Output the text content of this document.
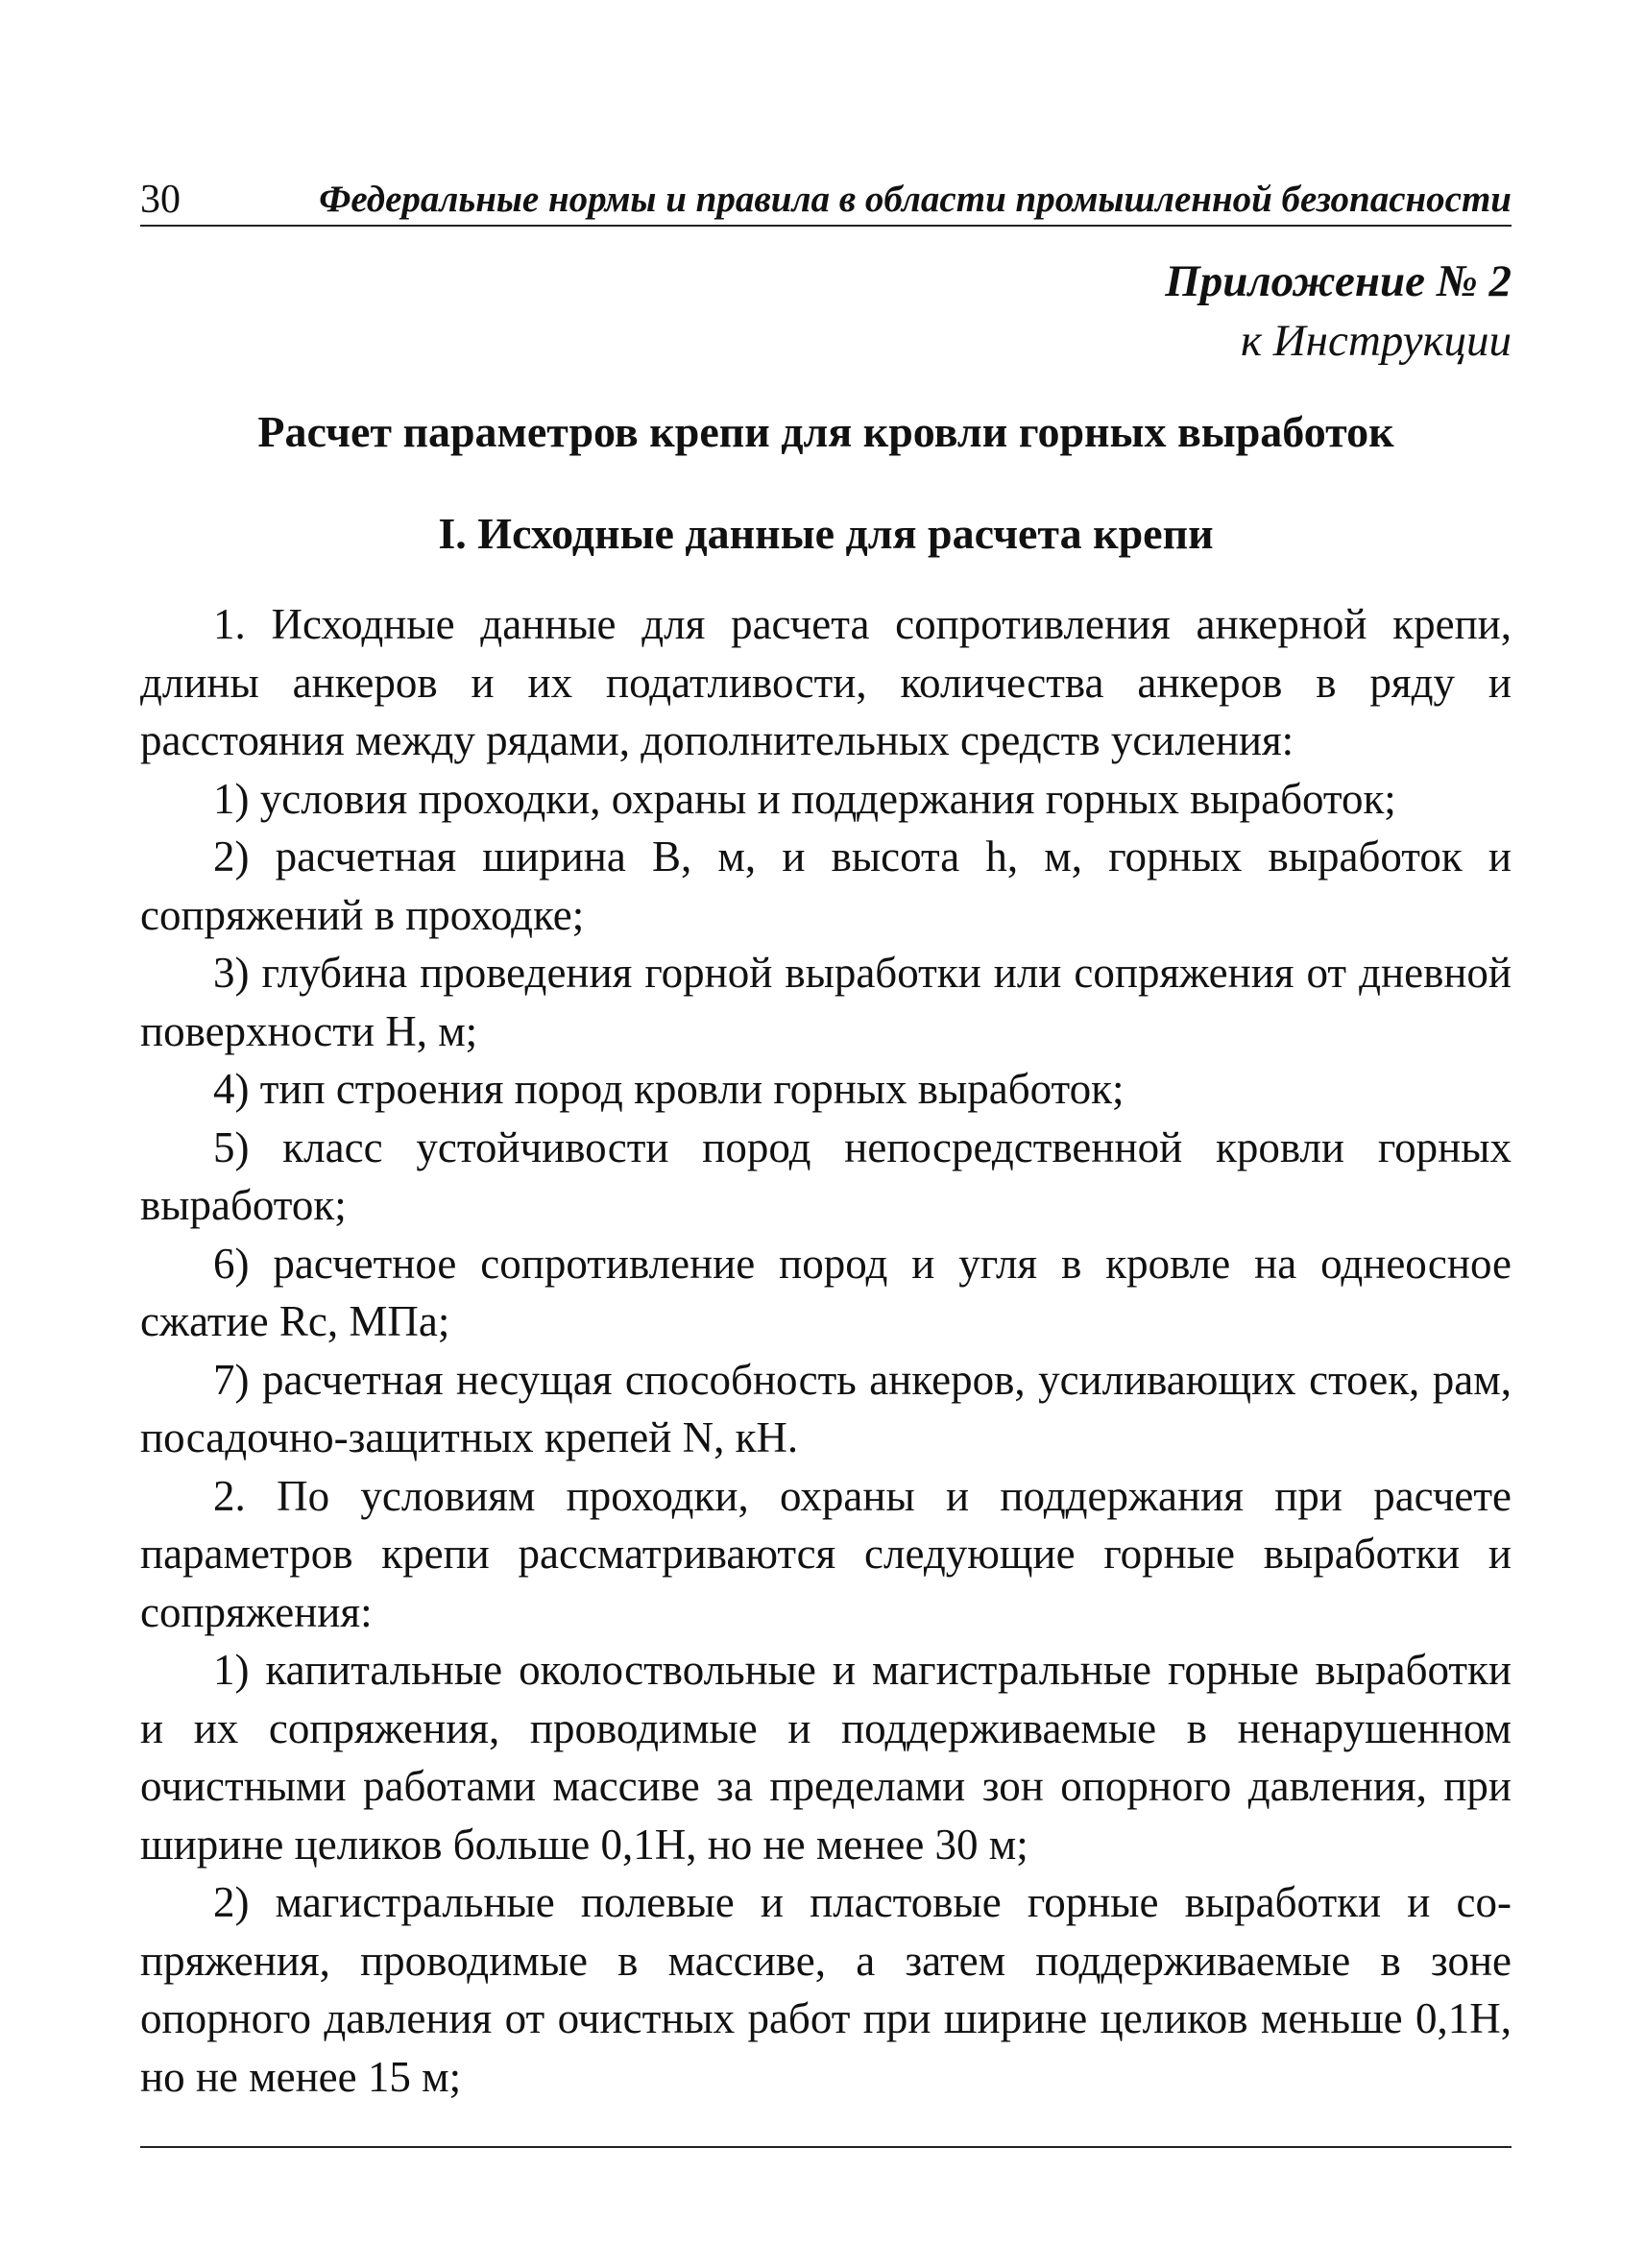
30	Федеральные нормы и правила в области промышленной безопасности
Приложение № 2
к Инструкции
Расчет параметров крепи для кровли горных выработок
I. Исходные данные для расчета крепи

1. Исходные данные для расчета сопротивления анкерной крепи, длины анкеров и их податливости, количества анкеров в ряду и расстояния между рядами, дополнительных средств усиления:

1) условия проходки, охраны и поддержания горных выработок;

2) расчетная ширина B, м, и высота h, м, горных выработок и сопряжений в проходке;

3) глубина проведения горной выработки или сопряжения от дневной поверхности H, м;

4) тип строения пород кровли горных выработок;

5) класс устойчивости пород непосредственной кровли горных выработок;

6) расчетное сопротивление пород и угля в кровле на однеосное сжатие Rс, МПа;

7) расчетная несущая способность анкеров, усиливающих стоек, рам, посадочно-защитных крепей N, кН.

2. По условиям проходки, охраны и поддержания при расчете параметров крепи рассматриваются следующие горные выработки и сопряжения:

1) капитальные околоствольные и магистральные горные выработки и их сопряжения, проводимые и поддерживаемые в ненарушенном очистными работами массиве за пределами зон опорного давления, при ширине целиков больше 0,1H, но не менее 30 м;

2) магистральные полевые и пластовые горные выработки и сопряжения, проводимые в массиве, а затем поддерживаемые в зоне опорного давления от очистных работ при ширине целиков меньше 0,1H, но не менее 15 м;
